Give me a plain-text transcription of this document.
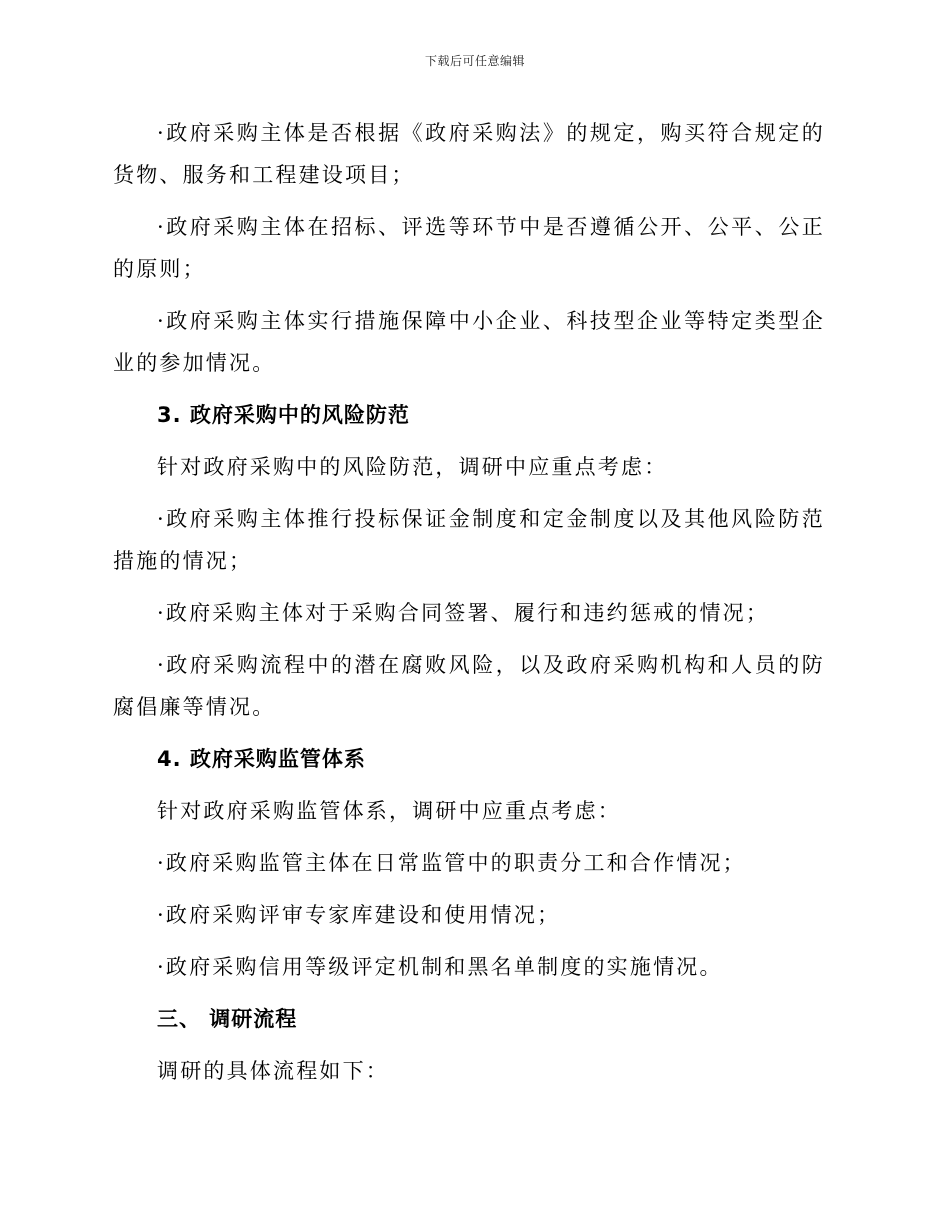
下载后可任意编辑

·政府采购主体是否根据《政府采购法》的规定，购买符合规定的货物、服务和工程建设项目；

·政府采购主体在招标、评选等环节中是否遵循公开、公平、公正的原则；

·政府采购主体实行措施保障中小企业、科技型企业等特定类型企业的参加情况。

3. 政府采购中的风险防范

针对政府采购中的风险防范，调研中应重点考虑：

·政府采购主体推行投标保证金制度和定金制度以及其他风险防范措施的情况；

·政府采购主体对于采购合同签署、履行和违约惩戒的情况；

·政府采购流程中的潜在腐败风险，以及政府采购机构和人员的防腐倡廉等情况。

4. 政府采购监管体系

针对政府采购监管体系，调研中应重点考虑：

·政府采购监管主体在日常监管中的职责分工和合作情况；

·政府采购评审专家库建设和使用情况；

·政府采购信用等级评定机制和黑名单制度的实施情况。

三、 调研流程

调研的具体流程如下：
